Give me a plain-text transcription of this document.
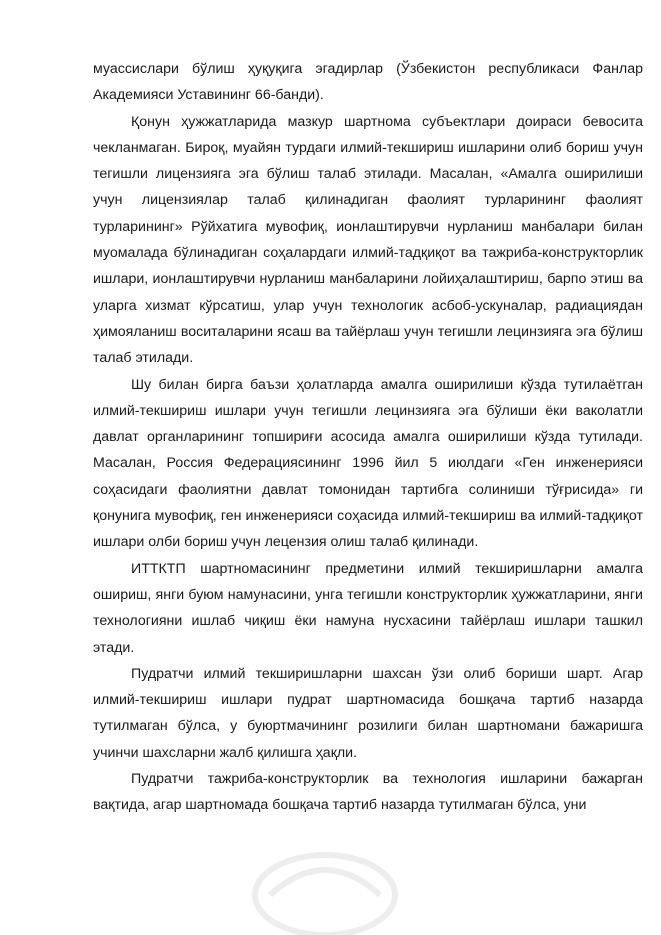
муассислари бўлиш ҳуқуқига эгадирлар (Ўзбекистон республикаси Фанлар Академияси Уставининг 66-банди).

Қонун ҳужжатларида мазкур шартнома субъектлари доираси бевосита чекланмаган. Бироқ, муайян турдаги илмий-текшириш ишларини олиб бориш учун тегишли лицензияга эга бўлиш талаб этилади. Масалан, «Амалга оширилиши учун лицензиялар талаб қилинадиган фаолият турларининг фаолият турларининг» Рўйхатига мувофиқ, ионлаштирувчи нурланиш манбалари билан муомалада бўлинадиган соҳалардаги илмий-тадқиқот ва тажриба-конструкторлик ишлари, ионлаштирувчи нурланиш манбаларини лойиҳалаштириш, барпо этиш ва уларга хизмат кўрсатиш, улар учун технологик асбоб-ускуналар, радиациядан ҳимояланиш воситаларини ясаш ва тайёрлаш учун тегишли лецинзияга эга бўлиш талаб этилади.

Шу билан бирга баъзи ҳолатларда амалга оширилиши кўзда тутилаётган илмий-текшириш ишлари учун тегишли лецинзияга эга бўлиши ёки ваколатли давлат органларининг топшириғи асосида амалга оширилиши кўзда тутилади. Масалан, Россия Федерациясининг 1996 йил 5 июлдаги «Ген инженерияси соҳасидаги фаолиятни давлат томонидан тартибга солиниши тўғрисида» ги қонунига мувофиқ, ген инженерияси соҳасида илмий-текшириш ва илмий-тадқиқот ишлари олби бориш учун лецензия олиш талаб қилинади.

ИТТКТП шартномасининг предметини илмий текширишларни амалга ошириш, янги буюм намунасини, унга тегишли конструкторлик ҳужжатларини, янги технологияни ишлаб чиқиш ёки намуна нусхасини тайёрлаш ишлари ташкил этади.

Пудратчи илмий текширишларни шахсан ўзи олиб бориши шарт. Агар илмий-текшириш ишлари пудрат шартномасида бошқача тартиб назарда тутилмаган бўлса, у буюртмачининг розилиги билан шартномани бажаришга учинчи шахсларни жалб қилишга ҳақли.

Пудратчи тажриба-конструкторлик ва технология ишларини бажарган вақтида, агар шартномада бошқача тартиб назарда тутилмаган бўлса, уни
